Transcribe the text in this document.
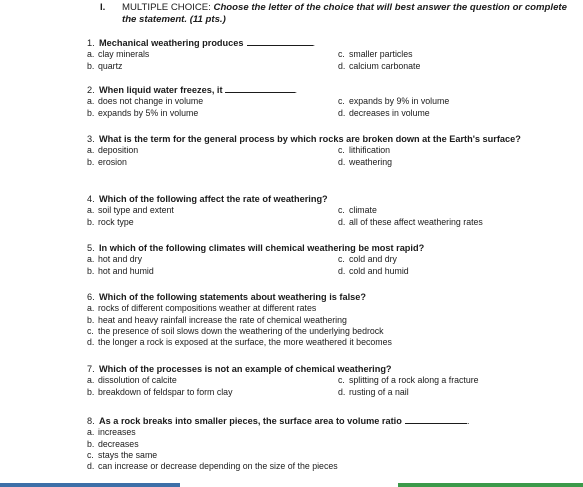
I. MULTIPLE CHOICE: Choose the letter of the choice that will best answer the question or complete the statement. (11 pts.)
1. Mechanical weathering produces	.
a. clay minerals	c. smaller particles
b. quartz	d. calcium carbonate
2. When liquid water freezes, it	.
a. does not change in volume	c. expands by 9% in volume
b. expands by 5% in volume	d. decreases in volume
3. What is the term for the general process by which rocks are broken down at the Earth's surface?
a. deposition	c. lithification
b. erosion	d. weathering
4. Which of the following affect the rate of weathering?
a. soil type and extent	c. climate
b. rock type	d. all of these affect weathering rates
5. In which of the following climates will chemical weathering be most rapid?
a. hot and dry	c. cold and dry
b. hot and humid	d. cold and humid
6. Which of the following statements about weathering is false?
a. rocks of different compositions weather at different rates
b. heat and heavy rainfall increase the rate of chemical weathering
c. the presence of soil slows down the weathering of the underlying bedrock
d. the longer a rock is exposed at the surface, the more weathered it becomes
7. Which of the processes is not an example of chemical weathering?
a. dissolution of calcite	c. splitting of a rock along a fracture
b. breakdown of feldspar to form clay	d. rusting of a nail
8. As a rock breaks into smaller pieces, the surface area to volume ratio	.
a. increases
b. decreases
c. stays the same
d. can increase or decrease depending on the size of the pieces
